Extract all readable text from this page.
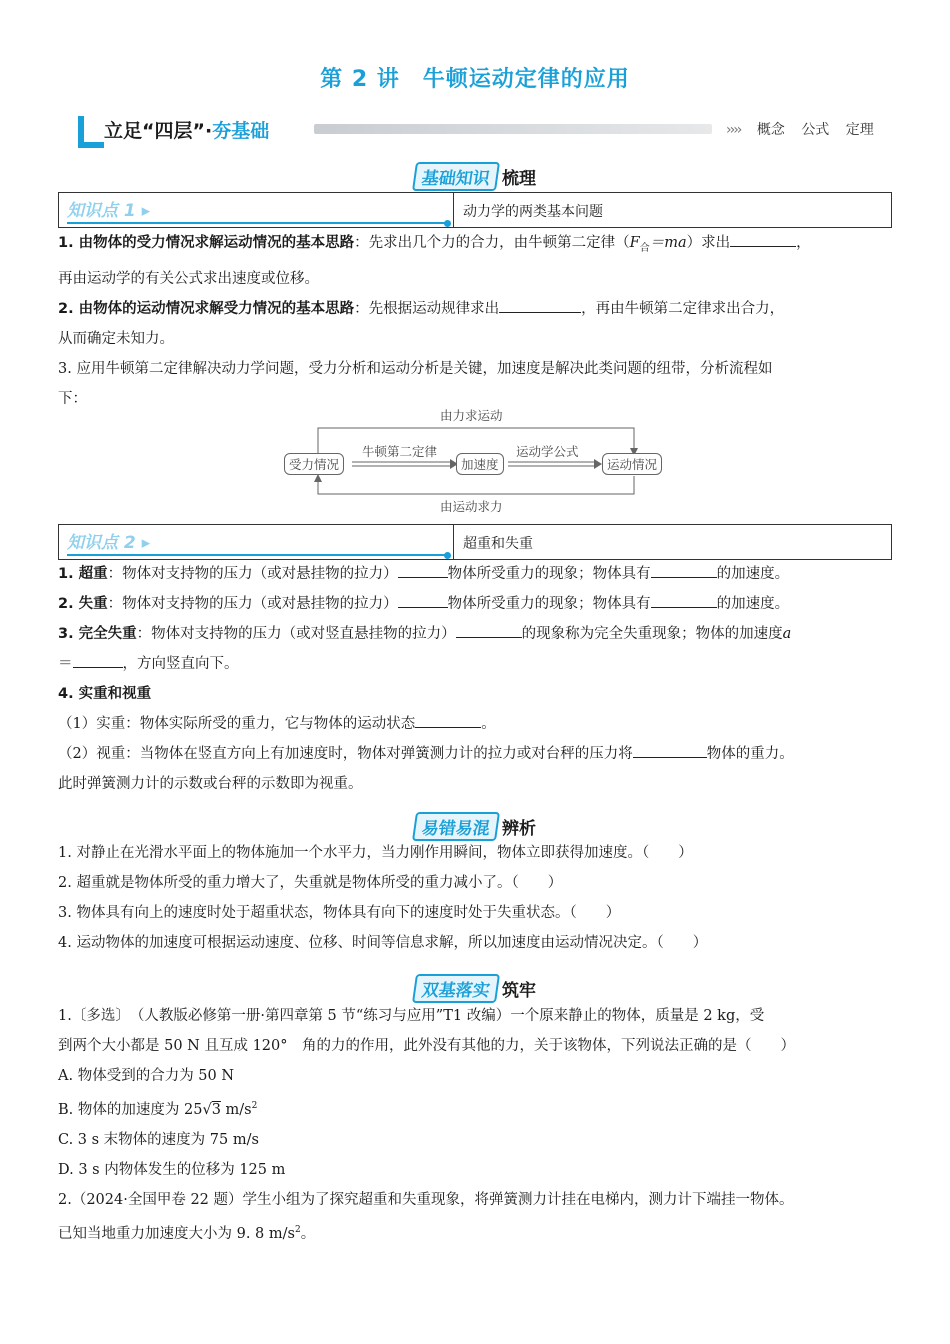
第 2 讲　牛顿运动定律的应用
立足“四层”·夯基础	›››› 概念 公式 定理
基础知识 梳理
知识点 1 ▸	动力学的两类基本问题
1. 由物体的受力情况求解运动情况的基本思路：先求出几个力的合力，由牛顿第二定律$(F_合=ma)$求出	，
再由运动学的有关公式求出速度或位移。
2. 由物体的运动情况求解受力情况的基本思路：先根据运动规律求出	，再由牛顿第二定律求出合力，
从而确定未知力。
3. 应用牛顿第二定律解决动力学问题，受力分析和运动分析是关键，加速度是解决此类问题的纽带，分析流程如
下：
由力求运动
由运动求力
受力情况	加速度	运动情况
牛顿第二定律	运动学公式
知识点 2 ▸	超重和失重
1. 超重：物体对支持物的压力（或对悬挂物的拉力）	物体所受重力的现象；物体具有	的加速度。
2. 失重：物体对支持物的压力（或对悬挂物的拉力）	物体所受重力的现象；物体具有	的加速度。
3. 完全失重：物体对支持物的压力（或对竖直悬挂物的拉力）	的现象称为完全失重现象；物体的加速度a
＝	，方向竖直向下。
4. 实重和视重
（1）实重：物体实际所受的重力，它与物体的运动状态	。
（2）视重：当物体在竖直方向上有加速度时，物体对弹簧测力计的拉力或对台秤的压力将	物体的重力。
此时弹簧测力计的示数或台秤的示数即为视重。
易错易混 辨析
1. 对静止在光滑水平面上的物体施加一个水平力，当力刚作用瞬间，物体立即获得加速度。（　　）
2. 超重就是物体所受的重力增大了，失重就是物体所受的重力减小了。（　　）
3. 物体具有向上的速度时处于超重状态，物体具有向下的速度时处于失重状态。（　　）
4. 运动物体的加速度可根据运动速度、位移、时间等信息求解，所以加速度由运动情况决定。（　　）
双基落实 筑牢
1.〔多选〕　（人教版必修第一册·第四章第 5 节“练习与应用”T1 改编）一个原来静止的物体，质量是 2 kg，受
到两个大小都是 50 N 且互成 120°　角的力的作用，此外没有其他的力，关于该物体，下列说法正确的是（　　）
A. 物体受到的合力为 50 N
B. 物体的加速度为 25√3 $m/s^2$
C. 3 s 末物体的速度为 75 m/s
D. 3 s 内物体发生的位移为 125 m
2.（2024·全国甲卷 22 题）学生小组为了探究超重和失重现象，将弹簧测力计挂在电梯内，测力计下端挂一物体。
已知当地重力加速度大小为 9. 8 $m/s^2$。
